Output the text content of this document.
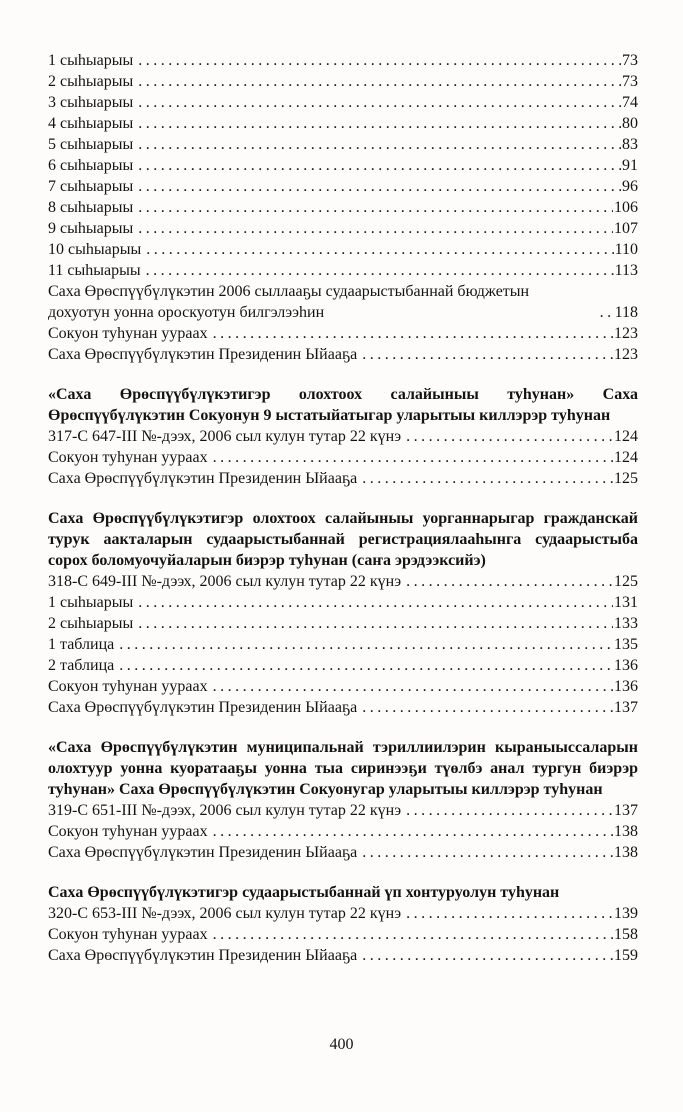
1 сыһыарыы .....	73
2 сыһыарыы .....	73
3 сыһыарыы .....	74
4 сыһыарыы .....	80
5 сыһыарыы .....	83
6 сыһыарыы .....	91
7 сыһыарыы .....	96
8 сыһыарыы .....	106
9 сыһыарыы .....	107
10 сыһыарыы .....	110
11 сыһыарыы .....	113
Саха Өрөспүүбүлүкэтин 2006 сыллааҕы судаарыстыбаннай бюджетын дохуотун уонна ороскуотун билгэлээһин .....	118
Сокуон туһунан уураах .....	123
Саха Өрөспүүбүлүкэтин Президенин Ыйааҕа .....	123

«Саха Өрөспүүбүлүкэтигэр олохтоох салайыныы туһунан» Саха Өрөспүүбүлүкэтин Сокуонун 9 ыстатыйатыгар уларытыы киллэрэр туһунан

317-С 647-III №-дээх, 2006 сыл кулун тутар 22 күнэ .....	124
Сокуон туһунан уураах .....	124
Саха Өрөспүүбүлүкэтин Президенин Ыйааҕа .....	125

Саха Өрөспүүбүлүкэтигэр олохтоох салайыныы уорганнарыгар гражданскай турук аакталарын судаарыстыбаннай регистрациялааһынга судаарыстыба сорох боломуочуйаларын биэрэр туһунан (саҥа эрэдээксийэ)

318-С 649-III №-дээх, 2006 сыл кулун тутар 22 күнэ .....	125
1 сыһыарыы .....	131
2 сыһыарыы .....	133
1 таблица .....	135
2 таблица .....	136
Сокуон туһунан уураах .....	136
Саха Өрөспүүбүлүкэтин Президенин Ыйааҕа .....	137

«Саха Өрөспүүбүлүкэтин муниципальнай тэриллиилэрин кыраныыссаларын олохтуур уонна куоратааҕы уонна тыа сиринээҕи түөлбэ анал тургун биэрэр туһунан» Саха Өрөспүүбүлүкэтин Сокуонугар уларытыы киллэрэр туһунан

319-С 651-III №-дээх, 2006 сыл кулун тутар 22 күнэ .....	137
Сокуон туһунан уураах .....	138
Саха Өрөспүүбүлүкэтин Президенин Ыйааҕа .....	138

Саха Өрөспүүбүлүкэтигэр судаарыстыбаннай үп хонтуруолун туһунан

320-С 653-III №-дээх, 2006 сыл кулун тутар 22 күнэ .....	139
Сокуон туһунан уураах .....	158
Саха Өрөспүүбүлүкэтин Президенин Ыйааҕа .....	159
400
